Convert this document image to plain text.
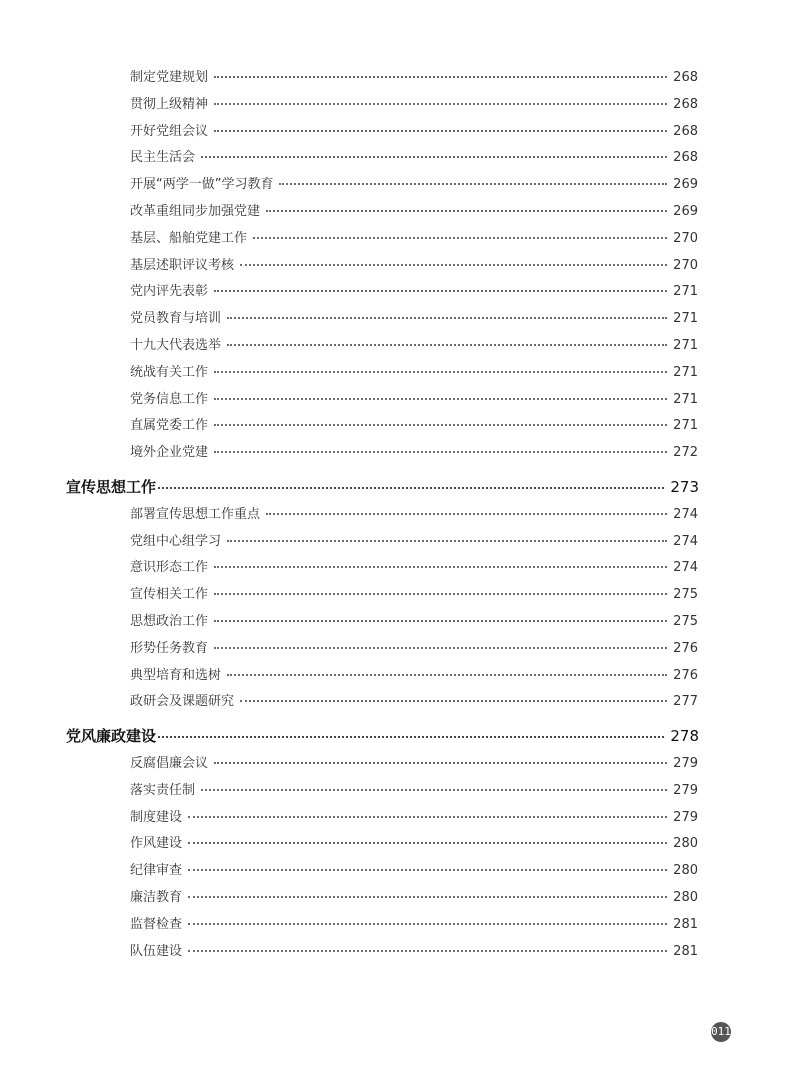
制定党建规划	268
贯彻上级精神	268
开好党组会议	268
民主生活会	268
开展“两学一做”学习教育	269
改革重组同步加强党建	269
基层、船舶党建工作	270
基层述职评议考核	270
党内评先表彰	271
党员教育与培训	271
十九大代表选举	271
统战有关工作	271
党务信息工作	271
直属党委工作	271
境外企业党建	272
宣传思想工作	273
部署宣传思想工作重点	274
党组中心组学习	274
意识形态工作	274
宣传相关工作	275
思想政治工作	275
形势任务教育	276
典型培育和选树	276
政研会及课题研究	277
党风廉政建设	278
反腐倡廉会议	279
落实责任制	279
制度建设	279
作风建设	280
纪律审查	280
廉洁教育	280
监督检查	281
队伍建设	281
011
